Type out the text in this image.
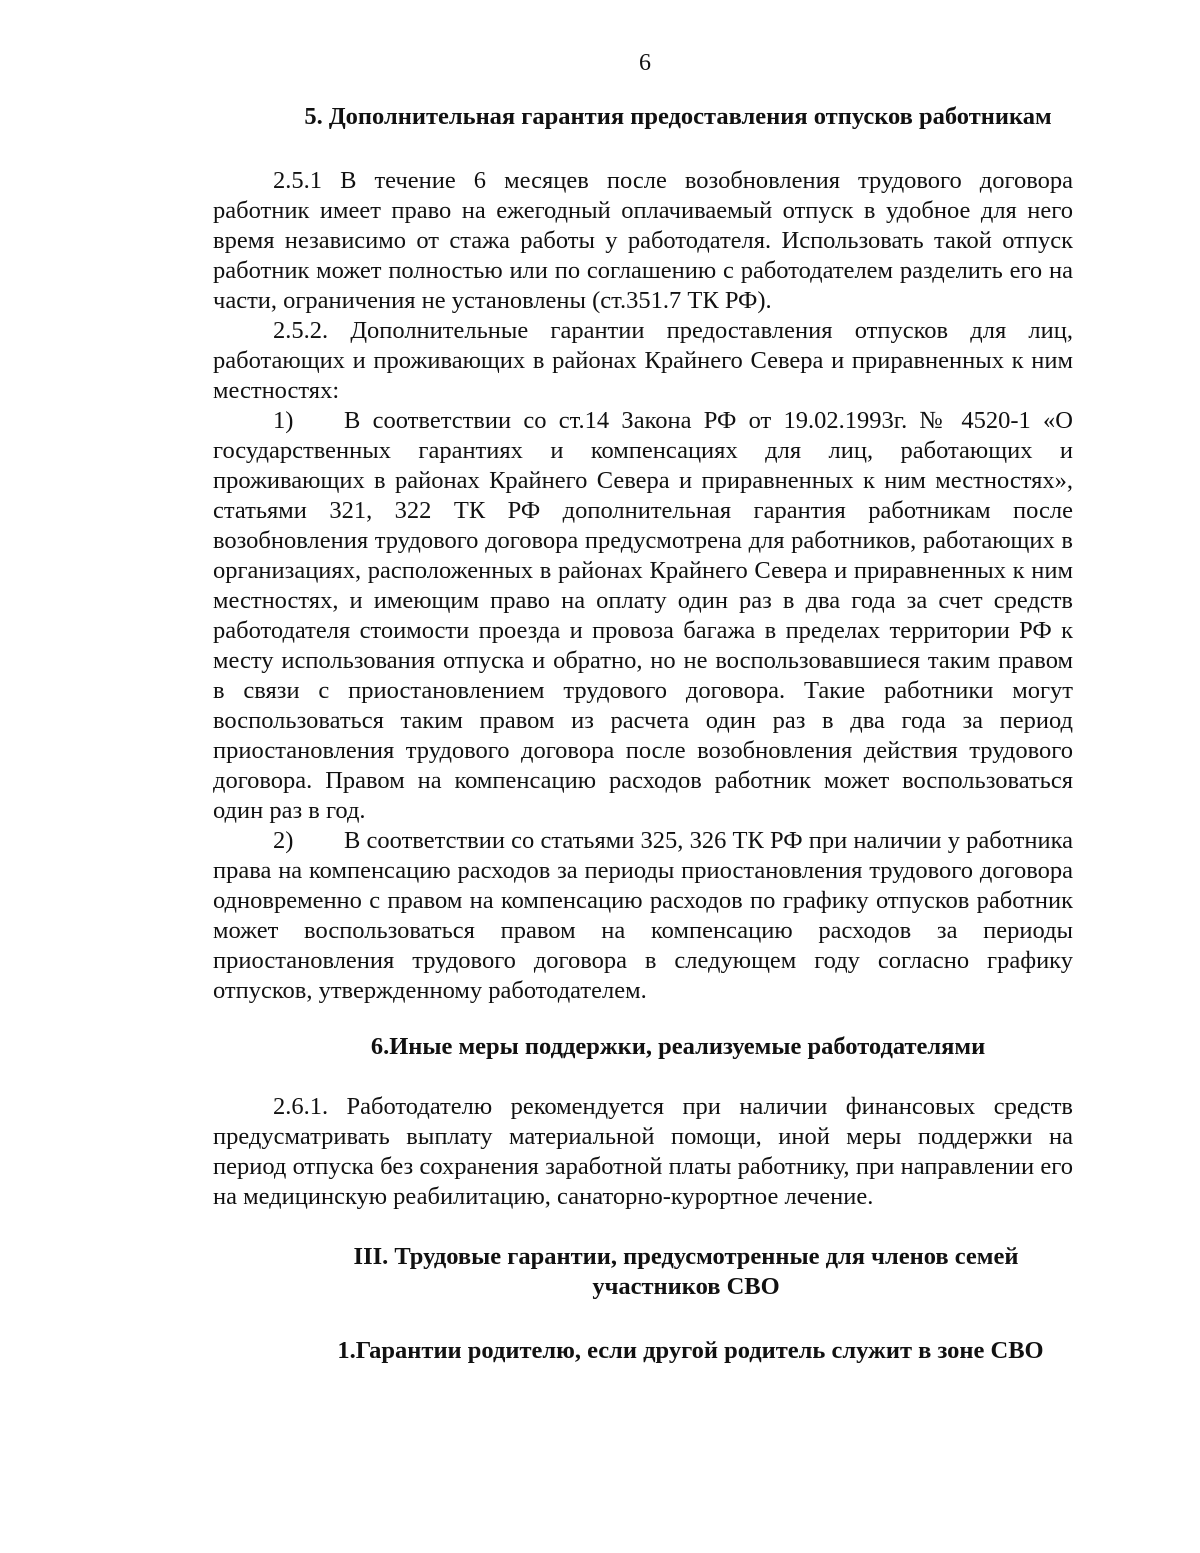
6

5. Дополнительная гарантия предоставления отпусков работникам

2.5.1 В течение 6 месяцев после возобновления трудового договора работник имеет право на ежегодный оплачиваемый отпуск в удобное для него время независимо от стажа работы у работодателя. Использовать такой отпуск работник может полностью или по соглашению с работодателем разделить его на части, ограничения не установлены (ст.351.7 ТК РФ).

2.5.2. Дополнительные гарантии предоставления отпусков для лиц, работающих и проживающих в районах Крайнего Севера и приравненных к ним местностях:

1) В соответствии со ст.14 Закона РФ от 19.02.1993г. № 4520-1 «О государственных гарантиях и компенсациях для лиц, работающих и проживающих в районах Крайнего Севера и приравненных к ним местностях», статьями 321, 322 ТК РФ дополнительная гарантия работникам после возобновления трудового договора предусмотрена для работников, работающих в организациях, расположенных в районах Крайнего Севера и приравненных к ним местностях, и имеющим право на оплату один раз в два года за счет средств работодателя стоимости проезда и провоза багажа в пределах территории РФ к месту использования отпуска и обратно, но не воспользовавшиеся таким правом в связи с приостановлением трудового договора. Такие работники могут воспользоваться таким правом из расчета один раз в два года за период приостановления трудового договора после возобновления действия трудового договора. Правом на компенсацию расходов работник может воспользоваться один раз в год.

2) В соответствии со статьями 325, 326 ТК РФ при наличии у работника права на компенсацию расходов за периоды приостановления трудового договора одновременно с правом на компенсацию расходов по графику отпусков работник может воспользоваться правом на компенсацию расходов за периоды приостановления трудового договора в следующем году согласно графику отпусков, утвержденному работодателем.

6.Иные меры поддержки, реализуемые работодателями

2.6.1. Работодателю рекомендуется при наличии финансовых средств предусматривать выплату материальной помощи, иной меры поддержки на период отпуска без сохранения заработной платы работнику, при направлении его на медицинскую реабилитацию, санаторно-курортное лечение.

III. Трудовые гарантии, предусмотренные для членов семей
участников СВО

1.Гарантии родителю, если другой родитель служит в зоне СВО
